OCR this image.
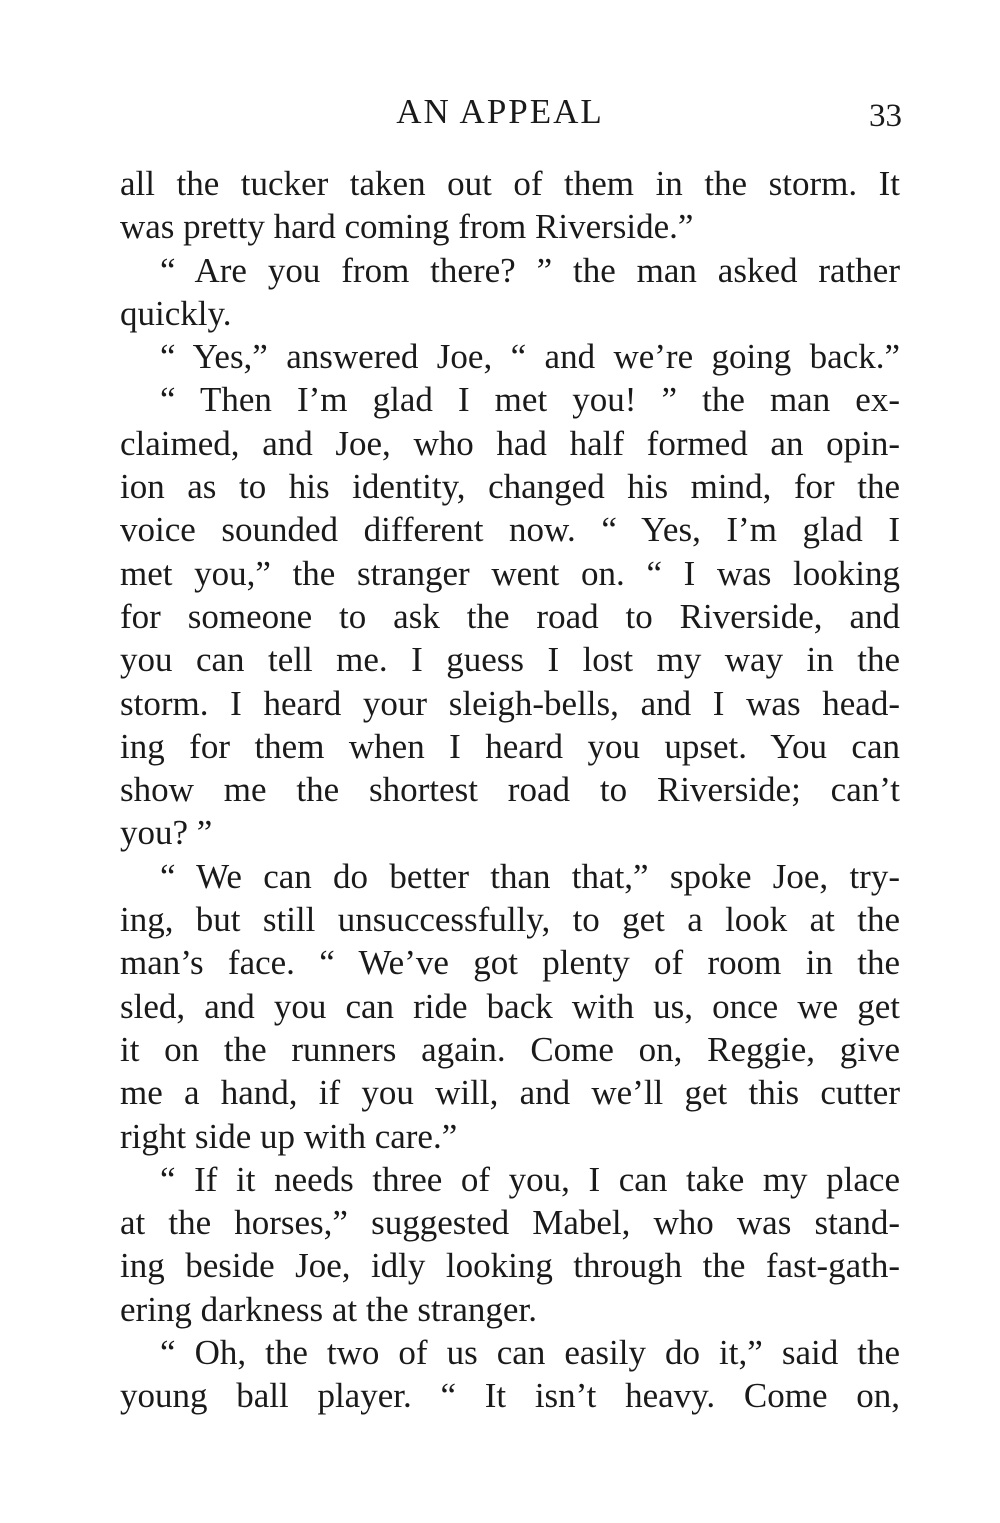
AN APPEAL	33
all the tucker taken out of them in the storm. It
was pretty hard coming from Riverside.”
“ Are you from there? ” the man asked rather
quickly.
“ Yes,” answered Joe, “ and we’re going back.”
“ Then I’m glad I met you! ” the man ex-
claimed, and Joe, who had half formed an opin-
ion as to his identity, changed his mind, for the
voice sounded different now. “ Yes, I’m glad I
met you,” the stranger went on. “ I was looking
for someone to ask the road to Riverside, and
you can tell me. I guess I lost my way in the
storm. I heard your sleigh-bells, and I was head-
ing for them when I heard you upset. You can
show me the shortest road to Riverside; can’t
you? ”
“ We can do better than that,” spoke Joe, try-
ing, but still unsuccessfully, to get a look at the
man’s face. “ We’ve got plenty of room in the
sled, and you can ride back with us, once we get
it on the runners again. Come on, Reggie, give
me a hand, if you will, and we’ll get this cutter
right side up with care.”
“ If it needs three of you, I can take my place
at the horses,” suggested Mabel, who was stand-
ing beside Joe, idly looking through the fast-gath-
ering darkness at the stranger.
“ Oh, the two of us can easily do it,” said the
young ball player. “ It isn’t heavy. Come on,
